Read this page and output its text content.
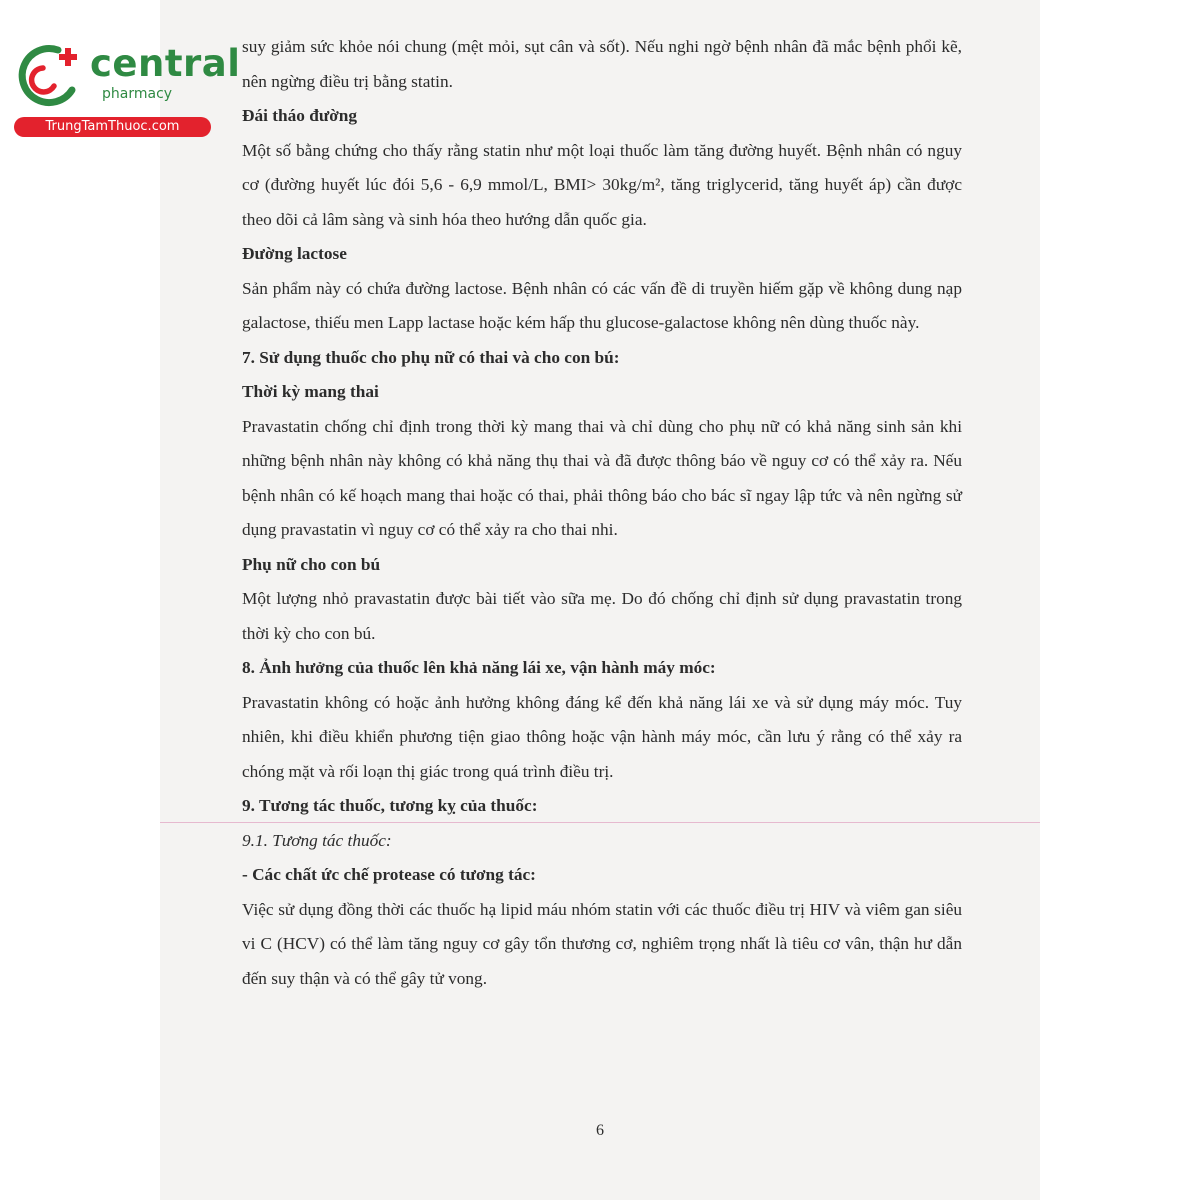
central
pharmacy
TrungTamThuoc.com

suy giảm sức khỏe nói chung (mệt mỏi, sụt cân và sốt). Nếu nghi ngờ bệnh nhân đã mắc bệnh phổi kẽ, nên ngừng điều trị bằng statin.

Đái tháo đường

Một số bằng chứng cho thấy rằng statin như một loại thuốc làm tăng đường huyết. Bệnh nhân có nguy cơ (đường huyết lúc đói 5,6 - 6,9 mmol/L, BMI> 30kg/m², tăng triglycerid, tăng huyết áp) cần được theo dõi cả lâm sàng và sinh hóa theo hướng dẫn quốc gia.

Đường lactose

Sản phẩm này có chứa đường lactose. Bệnh nhân có các vấn đề di truyền hiếm gặp về không dung nạp galactose, thiếu men Lapp lactase hoặc kém hấp thu glucose-galactose không nên dùng thuốc này.

7. Sử dụng thuốc cho phụ nữ có thai và cho con bú:

Thời kỳ mang thai

Pravastatin chống chỉ định trong thời kỳ mang thai và chỉ dùng cho phụ nữ có khả năng sinh sản khi những bệnh nhân này không có khả năng thụ thai và đã được thông báo về nguy cơ có thể xảy ra. Nếu bệnh nhân có kế hoạch mang thai hoặc có thai, phải thông báo cho bác sĩ ngay lập tức và nên ngừng sử dụng pravastatin vì nguy cơ có thể xảy ra cho thai nhi.

Phụ nữ cho con bú

Một lượng nhỏ pravastatin được bài tiết vào sữa mẹ. Do đó chống chỉ định sử dụng pravastatin trong thời kỳ cho con bú.

8. Ảnh hưởng của thuốc lên khả năng lái xe, vận hành máy móc:

Pravastatin không có hoặc ảnh hưởng không đáng kể đến khả năng lái xe và sử dụng máy móc. Tuy nhiên, khi điều khiển phương tiện giao thông hoặc vận hành máy móc, cần lưu ý rằng có thể xảy ra chóng mặt và rối loạn thị giác trong quá trình điều trị.

9. Tương tác thuốc, tương kỵ của thuốc:

9.1. Tương tác thuốc:

- Các chất ức chế protease có tương tác:

Việc sử dụng đồng thời các thuốc hạ lipid máu nhóm statin với các thuốc điều trị HIV và viêm gan siêu vi C (HCV) có thể làm tăng nguy cơ gây tổn thương cơ, nghiêm trọng nhất là tiêu cơ vân, thận hư dẫn đến suy thận và có thể gây tử vong.

6
